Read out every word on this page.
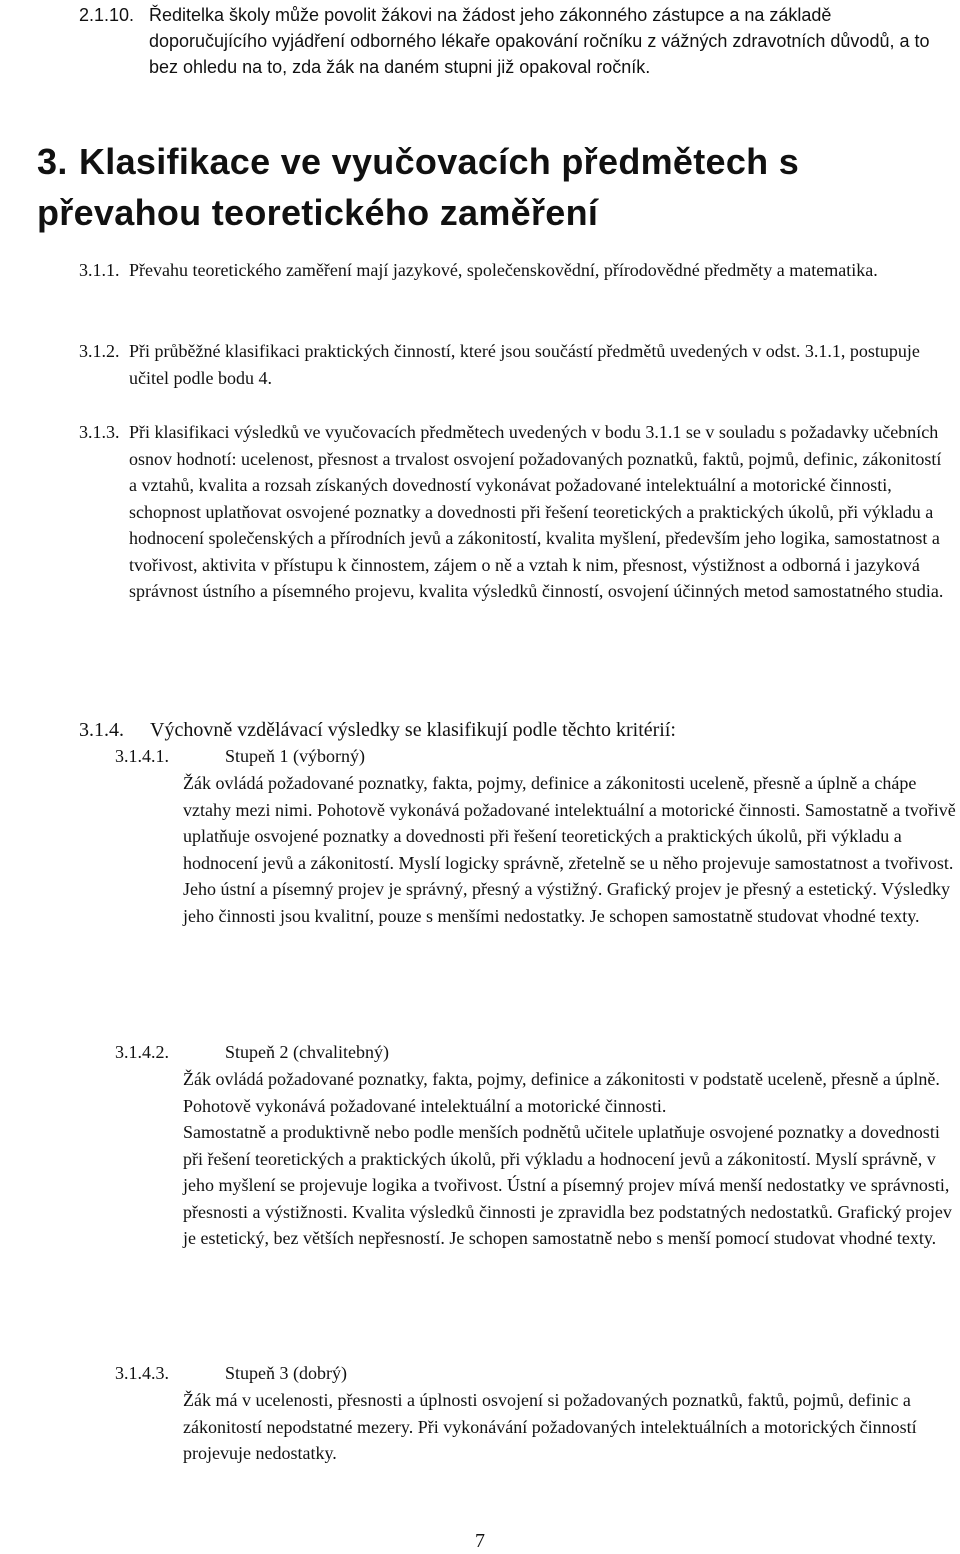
2.1.10. Ředitelka školy může povolit žákovi na žádost jeho zákonného zástupce a na základě doporučujícího vyjádření odborného lékaře opakování ročníku z vážných zdravotních důvodů, a to bez ohledu na to, zda žák na daném stupni již opakoval ročník.
3. Klasifikace ve vyučovacích předmětech s převahou teoretického zaměření
3.1.1. Převahu teoretického zaměření mají jazykové, společenskovědní, přírodovědné předměty a matematika.
3.1.2. Při průběžné klasifikaci praktických činností, které jsou součástí předmětů uvedených v odst. 3.1.1, postupuje učitel podle bodu 4.
3.1.3. Při klasifikaci výsledků ve vyučovacích předmětech uvedených v bodu 3.1.1 se v souladu s požadavky učebních osnov hodnotí: ucelenost, přesnost a trvalost osvojení požadovaných poznatků, faktů, pojmů, definic, zákonitostí a vztahů, kvalita a rozsah získaných dovedností vykonávat požadované intelektuální a motorické činnosti, schopnost uplatňovat osvojené poznatky a dovednosti při řešení teoretických a praktických úkolů, při výkladu a hodnocení společenských a přírodních jevů a zákonitostí, kvalita myšlení, především jeho logika, samostatnost a tvořivost, aktivita v přístupu k činnostem, zájem o ně a vztah k nim, přesnost, výstižnost a odborná i jazyková správnost ústního a písemného projevu, kvalita výsledků činností, osvojení účinných metod samostatného studia.
3.1.4. Výchovně vzdělávací výsledky se klasifikují podle těchto kritérií:
3.1.4.1.	Stupeň 1 (výborný)

Žák ovládá požadované poznatky, fakta, pojmy, definice a zákonitosti uceleně, přesně a úplně a chápe vztahy mezi nimi. Pohotově vykonává požadované intelektuální a motorické činnosti. Samostatně a tvořivě uplatňuje osvojené poznatky a dovednosti při řešení teoretických a praktických úkolů, při výkladu a hodnocení jevů a zákonitostí. Myslí logicky správně, zřetelně se u něho projevuje samostatnost a tvořivost. Jeho ústní a písemný projev je správný, přesný a výstižný. Grafický projev je přesný a estetický. Výsledky jeho činnosti jsou kvalitní, pouze s menšími nedostatky. Je schopen samostatně studovat vhodné texty.

3.1.4.2.	Stupeň 2 (chvalitebný)

Žák ovládá požadované poznatky, fakta, pojmy, definice a zákonitosti v podstatě uceleně, přesně a úplně. Pohotově vykonává požadované intelektuální a motorické činnosti.

Samostatně a produktivně nebo podle menších podnětů učitele uplatňuje osvojené poznatky a dovednosti při řešení teoretických a praktických úkolů, při výkladu a hodnocení jevů a zákonitostí. Myslí správně, v jeho myšlení se projevuje logika a tvořivost. Ústní a písemný projev mívá menší nedostatky ve správnosti, přesnosti a výstižnosti. Kvalita výsledků činnosti je zpravidla bez podstatných nedostatků. Grafický projev je estetický, bez větších nepřesností. Je schopen samostatně nebo s menší pomocí studovat vhodné texty.

3.1.4.3.	Stupeň 3 (dobrý)

Žák má v ucelenosti, přesnosti a úplnosti osvojení si požadovaných poznatků, faktů, pojmů, definic a zákonitostí nepodstatné mezery. Při vykonávání požadovaných intelektuálních a motorických činností projevuje nedostatky.

7
